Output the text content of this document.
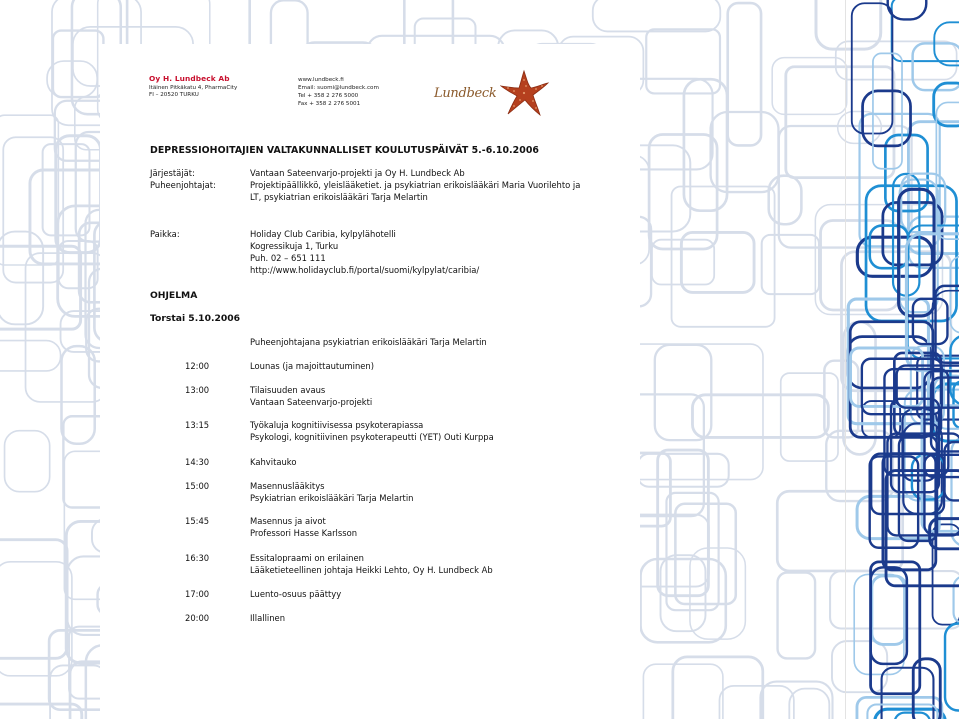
Oy H. Lundbeck Ab
Itäinen Pitkäkatu 4, PharmaCity
FI – 20520 TURKU
www.lundbeck.fi
Email: suomi@lundbeck.com
Tel + 358 2 276 5000
Fax + 358 2 276 5001
Lundbeck
DEPRESSIOHOITAJIEN VALTAKUNNALLISET KOULUTUSPÄIVÄT 5.-6.10.2006
Järjestäjät:	Vantaan Sateenvarjo-projekti ja Oy H. Lundbeck Ab
Puheenjohtajat:	Projektipäällikkö, yleislääketiet. ja psykiatrian erikoislääkäri Maria Vuorilehto ja
LT, psykiatrian erikoislääkäri Tarja Melartin
Paikka:	Holiday Club Caribia, kylpylähotelli
Kogressikuja 1, Turku
Puh. 02 – 651 111
http://www.holidayclub.fi/portal/suomi/kylpylat/caribia/
OHJELMA
Torstai 5.10.2006
Puheenjohtajana psykiatrian erikoislääkäri Tarja Melartin
12:00	Lounas (ja majoittautuminen)
13:00	Tilaisuuden avaus
Vantaan Sateenvarjo-projekti
13:15	Työkaluja kognitiivisessa psykoterapiassa
Psykologi, kognitiivinen psykoterapeutti (YET) Outi Kurppa
14:30	Kahvitauko
15:00	Masennuslääkitys
Psykiatrian erikoislääkäri Tarja Melartin
15:45	Masennus ja aivot
Professori Hasse Karlsson
16:30	Essitalopraami on erilainen
Lääketieteellinen johtaja Heikki Lehto, Oy H. Lundbeck Ab
17:00	Luento-osuus päättyy
20:00	Illallinen
